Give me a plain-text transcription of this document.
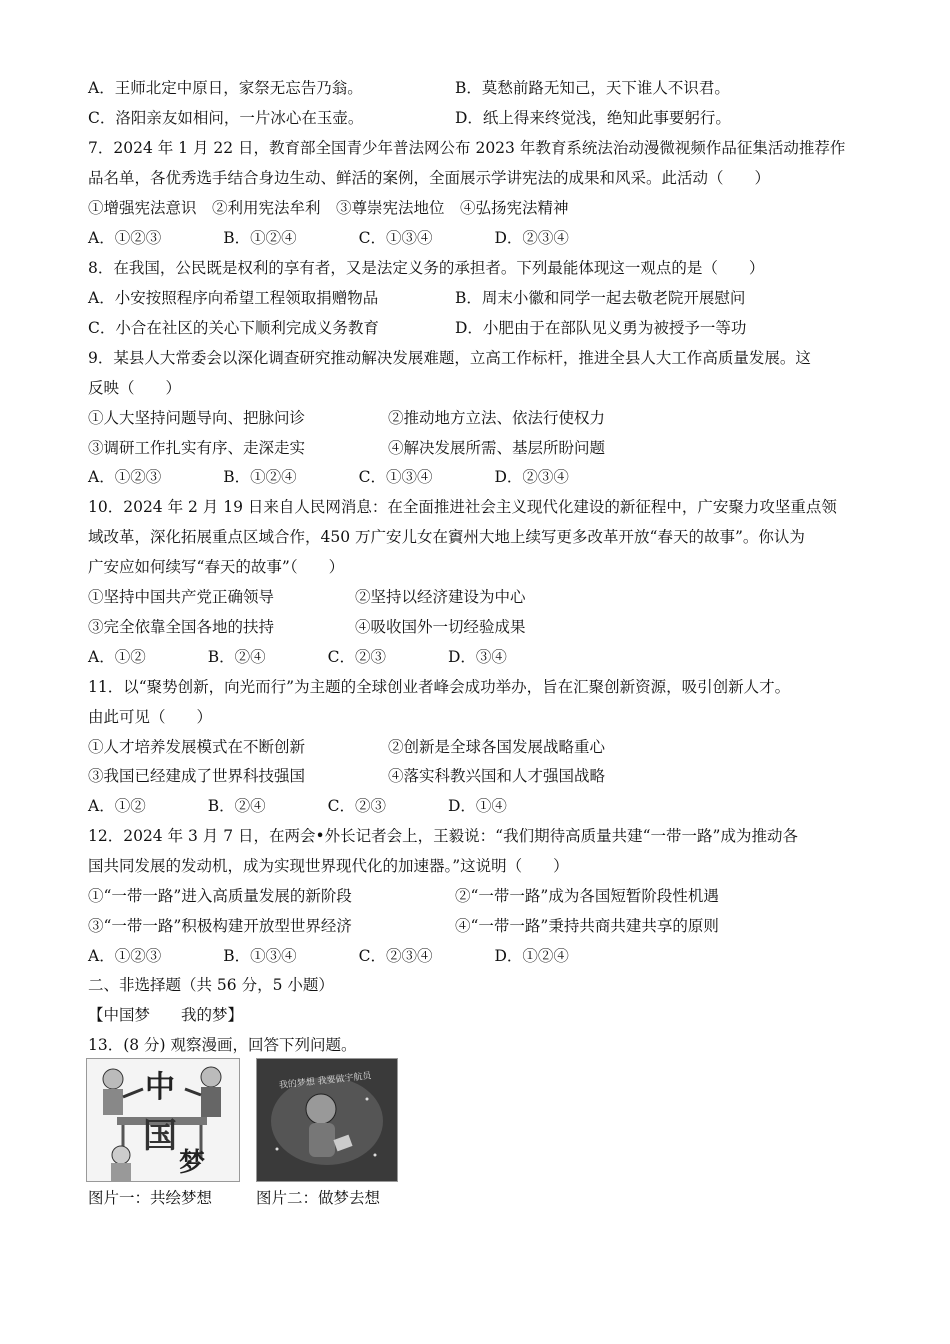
A．王师北定中原日，家祭无忘告乃翁。	B．莫愁前路无知己，天下谁人不识君。
C．洛阳亲友如相问，一片冰心在玉壶。	D．纸上得来终觉浅，绝知此事要躬行。
7．2024 年 1 月 22 日，教育部全国青少年普法网公布 2023 年教育系统法治动漫微视频作品征集活动推荐作
品名单，各优秀选手结合身边生动、鲜活的案例，全面展示学讲宪法的成果和风采。此活动（　　）
①增强宪法意识　②利用宪法牟利　③尊崇宪法地位　④弘扬宪法精神
A．①②③　　　　B．①②④　　　　C．①③④　　　　D．②③④
8．在我国，公民既是权利的享有者，又是法定义务的承担者。下列最能体现这一观点的是（　　）
A．小安按照程序向希望工程领取捐赠物品	B．周末小徽和同学一起去敬老院开展慰问
C．小合在社区的关心下顺利完成义务教育	D．小肥由于在部队见义勇为被授予一等功
9．某县人大常委会以深化调查研究推动解决发展难题，立高工作标杆，推进全县人大工作高质量发展。这
反映（　　）
①人大坚持问题导向、把脉问诊	②推动地方立法、依法行使权力
③调研工作扎实有序、走深走实	④解决发展所需、基层所盼问题
A．①②③　　　　B．①②④　　　　C．①③④　　　　D．②③④
10．2024 年 2 月 19 日来自人民网消息：在全面推进社会主义现代化建设的新征程中，广安聚力攻坚重点领
域改革，深化拓展重点区域合作，450 万广安儿女在賨州大地上续写更多改革开放“春天的故事”。你认为
广安应如何续写“春天的故事”（　　）
①坚持中国共产党正确领导	②坚持以经济建设为中心
③完全依靠全国各地的扶持	④吸收国外一切经验成果
A．①②　　　　B．②④　　　　C．②③　　　　D．③④
11．以“聚势创新，向光而行”为主题的全球创业者峰会成功举办，旨在汇聚创新资源，吸引创新人才。
由此可见（　　）
①人才培养发展模式在不断创新	②创新是全球各国发展战略重心
③我国已经建成了世界科技强国	④落实科教兴国和人才强国战略
A．①②　　　　B．②④　　　　C．②③　　　　D．①④
12．2024 年 3 月 7 日，在两会•外长记者会上，王毅说：“我们期待高质量共建“一带一路”成为推动各
国共同发展的发动机，成为实现世界现代化的加速器。”这说明（　　）
①“一带一路”进入高质量发展的新阶段	②“一带一路”成为各国短暂阶段性机遇
③“一带一路”积极构建开放型世界经济	④“一带一路”秉持共商共建共享的原则
A．①②③　　　　B．①③④　　　　C．②③④　　　　D．①②④
二、非选择题（共 56 分，5 小题）
【中国梦　　我的梦】
13．(8 分) 观察漫画，回答下列问题。
中
国
梦
我的梦想 我要做宇航员
图片一：共绘梦想	图片二：做梦去想
